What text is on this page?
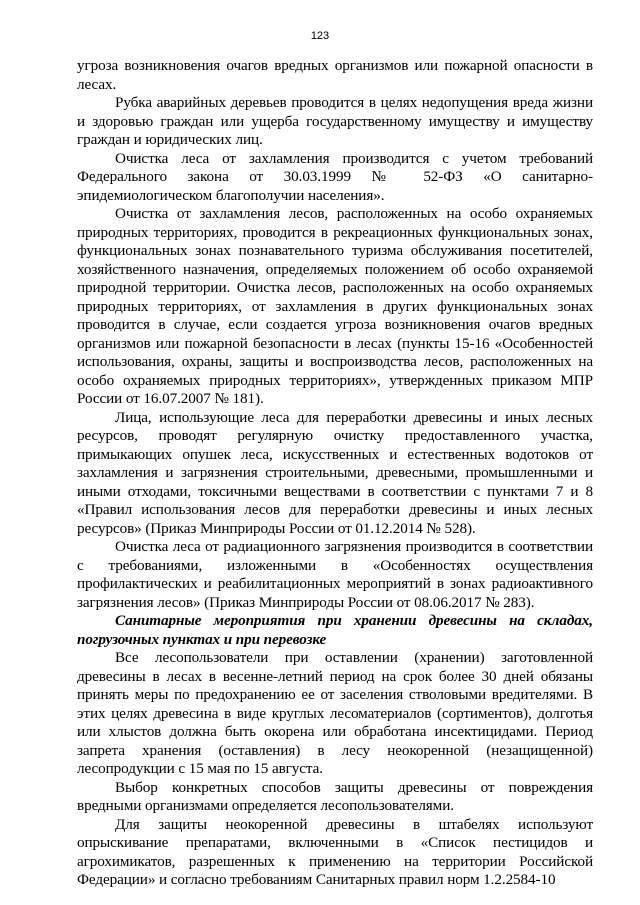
123

угроза возникновения очагов вредных организмов или пожарной опасности в лесах.

Рубка аварийных деревьев проводится в целях недопущения вреда жизни и здоровью граждан или ущерба государственному имуществу и имуществу граждан и юридических лиц.

Очистка леса от захламления производится с учетом требований Федерального закона от 30.03.1999 № 52-ФЗ «О санитарно-эпидемиологическом благополучии населения».

Очистка от захламления лесов, расположенных на особо охраняемых природных территориях, проводится в рекреационных функциональных зонах, функциональных зонах познавательного туризма обслуживания посетителей, хозяйственного назначения, определяемых положением об особо охраняемой природной территории. Очистка лесов, расположенных на особо охраняемых природных территориях, от захламления в других функциональных зонах проводится в случае, если создается угроза возникновения очагов вредных организмов или пожарной безопасности в лесах (пункты 15-16 «Особенностей использования, охраны, защиты и воспроизводства лесов, расположенных на особо охраняемых природных территориях», утвержденных приказом МПР России от 16.07.2007 № 181).

Лица, использующие леса для переработки древесины и иных лесных ресурсов, проводят регулярную очистку предоставленного участка, примыкающих опушек леса, искусственных и естественных водотоков от захламления и загрязнения строительными, древесными, промышленными и иными отходами, токсичными веществами в соответствии с пунктами 7 и 8 «Правил использования лесов для переработки древесины и иных лесных ресурсов» (Приказ Минприроды России от 01.12.2014 № 528).

Очистка леса от радиационного загрязнения производится в соответствии с требованиями, изложенными в «Особенностях осуществления профилактических и реабилитационных мероприятий в зонах радиоактивного загрязнения лесов» (Приказ Минприроды России от 08.06.2017 № 283).

Санитарные мероприятия при хранении древесины на складах, погрузочных пунктах и при перевозке

Все лесопользователи при оставлении (хранении) заготовленной древесины в лесах в весенне-летний период на срок более 30 дней обязаны принять меры по предохранению ее от заселения стволовыми вредителями. В этих целях древесина в виде круглых лесоматериалов (сортиментов), долготья или хлыстов должна быть окорена или обработана инсектицидами. Период запрета хранения (оставления) в лесу неокоренной (незащищенной) лесопродукции с 15 мая по 15 августа.

Выбор конкретных способов защиты древесины от повреждения вредными организмами определяется лесопользователями.

Для защиты неокоренной древесины в штабелях используют опрыскивание препаратами, включенными в «Список пестицидов и агрохимикатов, разрешенных к применению на территории Российской Федерации» и согласно требованиям Санитарных правил норм 1.2.2584-10
